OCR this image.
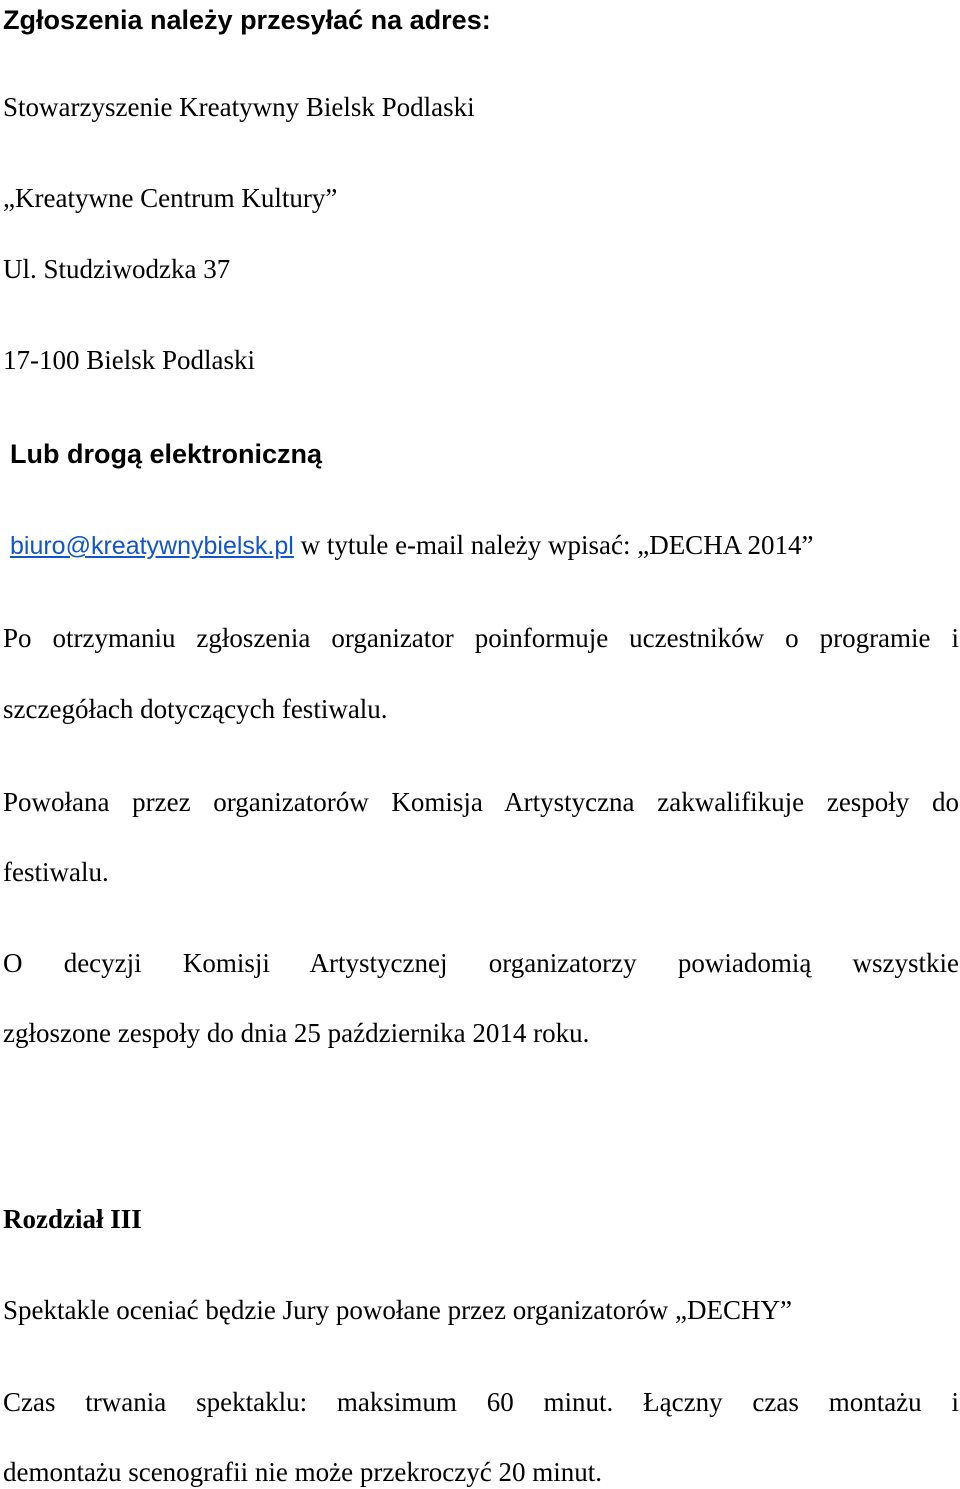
Zgłoszenia należy przesyłać na adres:
Stowarzyszenie Kreatywny Bielsk Podlaski
„Kreatywne Centrum Kultury”
Ul. Studziwodzka 37
17-100 Bielsk Podlaski
Lub drogą elektroniczną
biuro@kreatywnybielsk.pl w tytule e-mail należy wpisać: „DECHA 2014”
Po otrzymaniu zgłoszenia organizator poinformuje uczestników o programie i
szczegółach dotyczących festiwalu.
Powołana przez organizatorów Komisja Artystyczna zakwalifikuje zespoły do
festiwalu.
O decyzji Komisji Artystycznej organizatorzy powiadomią wszystkie
zgłoszone zespoły do dnia 25 października 2014 roku.
Rozdział III
Spektakle oceniać będzie Jury powołane przez organizatorów „DECHY”
Czas trwania spektaklu: maksimum 60 minut. Łączny czas montażu i
demontażu scenografii nie może przekroczyć 20 minut.
